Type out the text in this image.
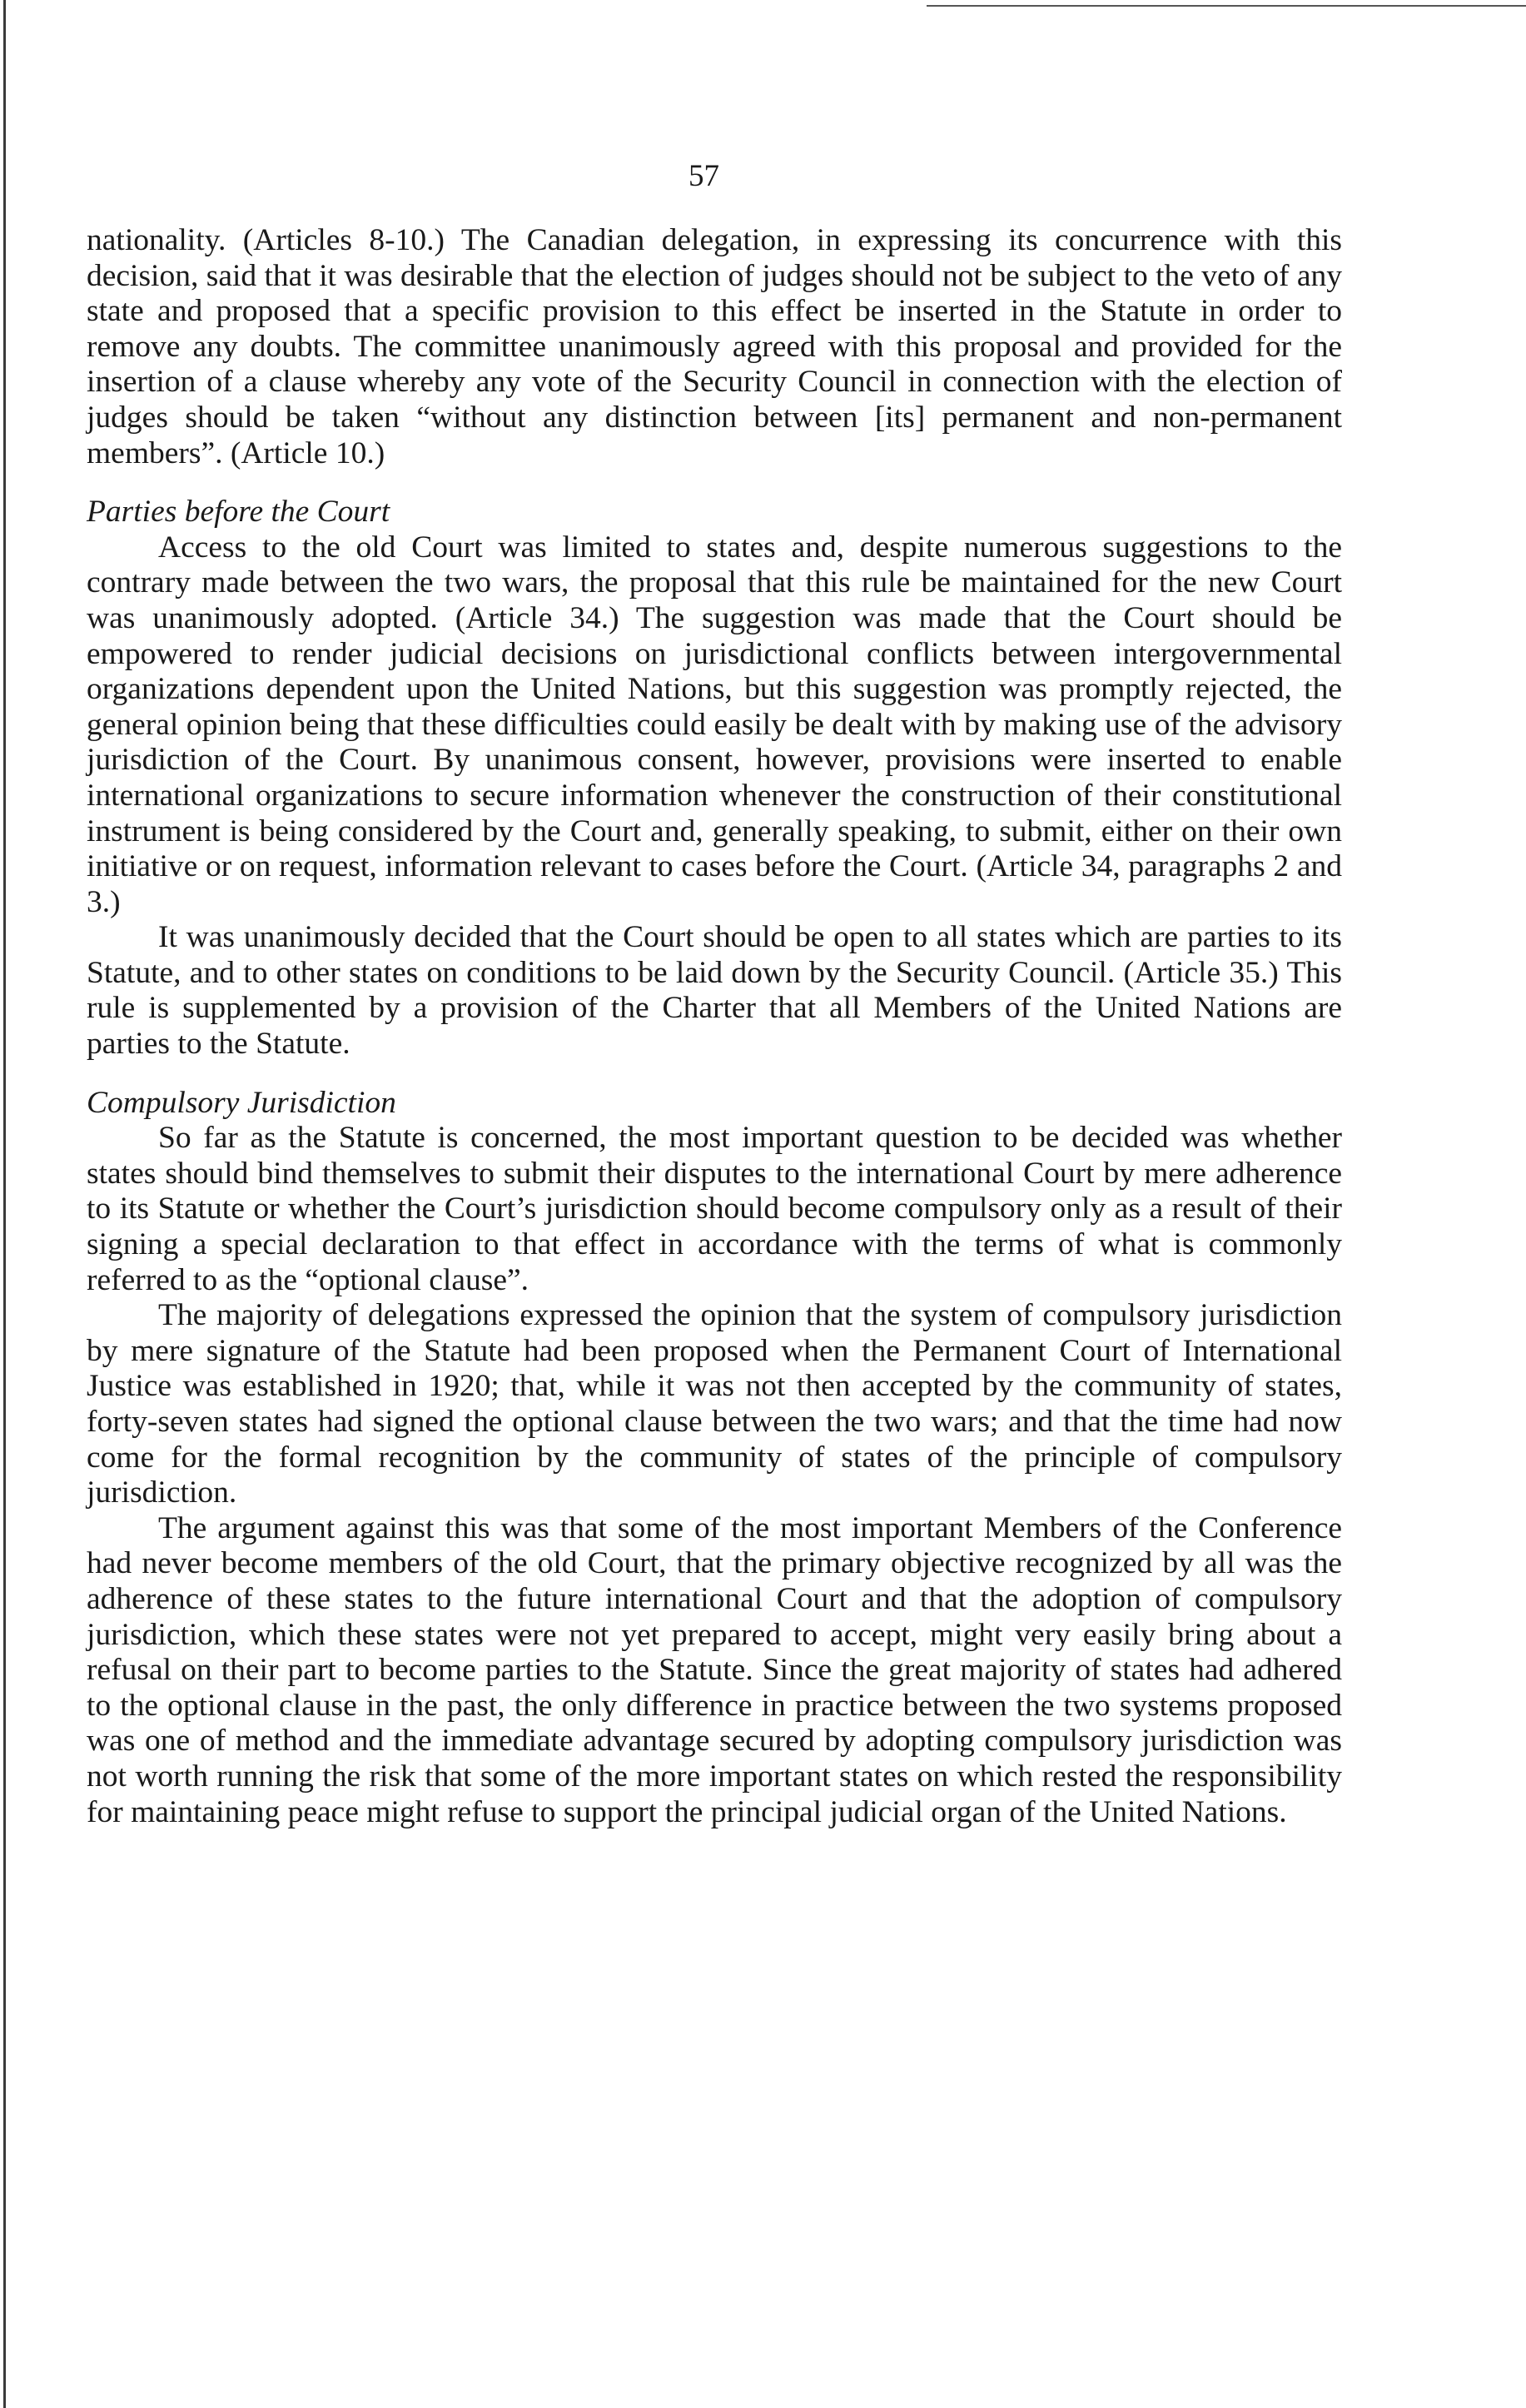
57

nationality. (Articles 8-10.) The Canadian delegation, in expressing its concurrence with this decision, said that it was desirable that the election of judges should not be subject to the veto of any state and proposed that a specific provision to this effect be inserted in the Statute in order to remove any doubts. The committee unanimously agreed with this proposal and provided for the insertion of a clause whereby any vote of the Security Council in connection with the election of judges should be taken “without any distinction between [its] permanent and non-permanent members”. (Article 10.)

Parties before the Court

Access to the old Court was limited to states and, despite numerous suggestions to the contrary made between the two wars, the proposal that this rule be maintained for the new Court was unanimously adopted. (Article 34.) The suggestion was made that the Court should be empowered to render judicial decisions on jurisdictional conflicts between intergovernmental organizations dependent upon the United Nations, but this suggestion was promptly rejected, the general opinion being that these difficulties could easily be dealt with by making use of the advisory jurisdiction of the Court. By unanimous consent, however, provisions were inserted to enable international organizations to secure information whenever the construction of their constitutional instrument is being considered by the Court and, generally speaking, to submit, either on their own initiative or on request, information relevant to cases before the Court. (Article 34, paragraphs 2 and 3.)

It was unanimously decided that the Court should be open to all states which are parties to its Statute, and to other states on conditions to be laid down by the Security Council. (Article 35.) This rule is supplemented by a provision of the Charter that all Members of the United Nations are parties to the Statute.

Compulsory Jurisdiction

So far as the Statute is concerned, the most important question to be decided was whether states should bind themselves to submit their disputes to the international Court by mere adherence to its Statute or whether the Court’s jurisdiction should become compulsory only as a result of their signing a special declaration to that effect in accordance with the terms of what is commonly referred to as the “optional clause”.

The majority of delegations expressed the opinion that the system of compulsory jurisdiction by mere signature of the Statute had been proposed when the Permanent Court of International Justice was established in 1920; that, while it was not then accepted by the community of states, forty-seven states had signed the optional clause between the two wars; and that the time had now come for the formal recognition by the community of states of the principle of compulsory jurisdiction.

The argument against this was that some of the most important Members of the Conference had never become members of the old Court, that the primary objective recognized by all was the adherence of these states to the future international Court and that the adoption of compulsory jurisdiction, which these states were not yet prepared to accept, might very easily bring about a refusal on their part to become parties to the Statute. Since the great majority of states had adhered to the optional clause in the past, the only difference in practice between the two systems proposed was one of method and the immediate advantage secured by adopting compulsory jurisdiction was not worth running the risk that some of the more important states on which rested the responsibility for maintaining peace might refuse to support the principal judicial organ of the United Nations.
